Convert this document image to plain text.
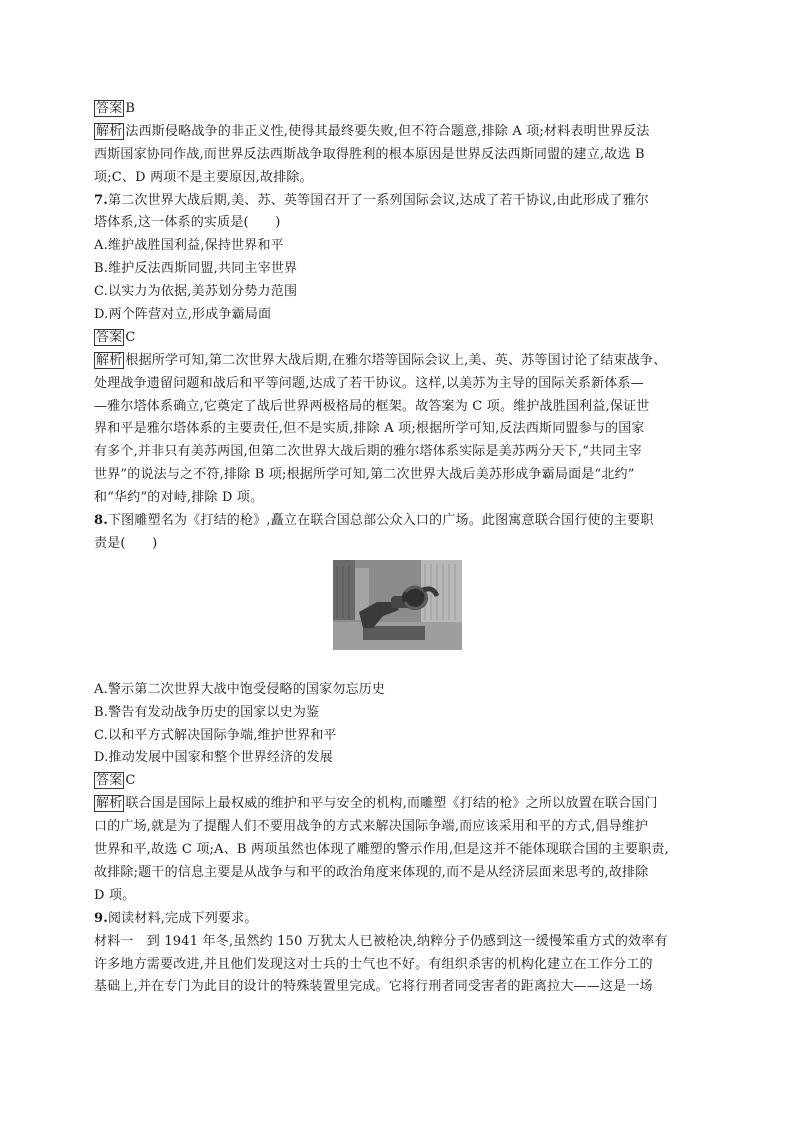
答案 B
解析 法西斯侵略战争的非正义性,使得其最终要失败,但不符合题意,排除 A 项;材料表明世界反法
西斯国家协同作战,而世界反法西斯战争取得胜利的根本原因是世界反法西斯同盟的建立,故选 B
项;C、D 两项不是主要原因,故排除。
7.第二次世界大战后期,美、苏、英等国召开了一系列国际会议,达成了若干协议,由此形成了雅尔
塔体系,这一体系的实质是(　　)
A.维护战胜国利益,保持世界和平
B.维护反法西斯同盟,共同主宰世界
C.以实力为依据,美苏划分势力范围
D.两个阵营对立,形成争霸局面
答案 C
解析 根据所学可知,第二次世界大战后期,在雅尔塔等国际会议上,美、英、苏等国讨论了结束战争、
处理战争遗留问题和战后和平等问题,达成了若干协议。这样,以美苏为主导的国际关系新体系—
—雅尔塔体系确立,它奠定了战后世界两极格局的框架。故答案为 C 项。维护战胜国利益,保证世
界和平是雅尔塔体系的主要责任,但不是实质,排除 A 项;根据所学可知,反法西斯同盟参与的国家
有多个,并非只有美苏两国,但第二次世界大战后期的雅尔塔体系实际是美苏两分天下,“共同主宰
世界”的说法与之不符,排除 B 项;根据所学可知,第二次世界大战后美苏形成争霸局面是“北约”
和“华约”的对峙,排除 D 项。
8.下图雕塑名为《打结的枪》,矗立在联合国总部公众入口的广场。此图寓意联合国行使的主要职
责是(　　)
A.警示第二次世界大战中饱受侵略的国家勿忘历史
B.警告有发动战争历史的国家以史为鉴
C.以和平方式解决国际争端,维护世界和平
D.推动发展中国家和整个世界经济的发展
答案 C
解析 联合国是国际上最权威的维护和平与安全的机构,而雕塑《打结的枪》之所以放置在联合国门
口的广场,就是为了提醒人们不要用战争的方式来解决国际争端,而应该采用和平的方式,倡导维护
世界和平,故选 C 项;A、B 两项虽然也体现了雕塑的警示作用,但是这并不能体现联合国的主要职责,
故排除;题干的信息主要是从战争与和平的政治角度来体现的,而不是从经济层面来思考的,故排除
D 项。
9.阅读材料,完成下列要求。
材料一　到 1941 年冬,虽然约 150 万犹太人已被枪决,纳粹分子仍感到这一缓慢笨重方式的效率有
许多地方需要改进,并且他们发现这对士兵的士气也不好。有组织杀害的机构化建立在工作分工的
基础上,并在专门为此目的设计的特殊装置里完成。它将行刑者同受害者的距离拉大——这是一场
